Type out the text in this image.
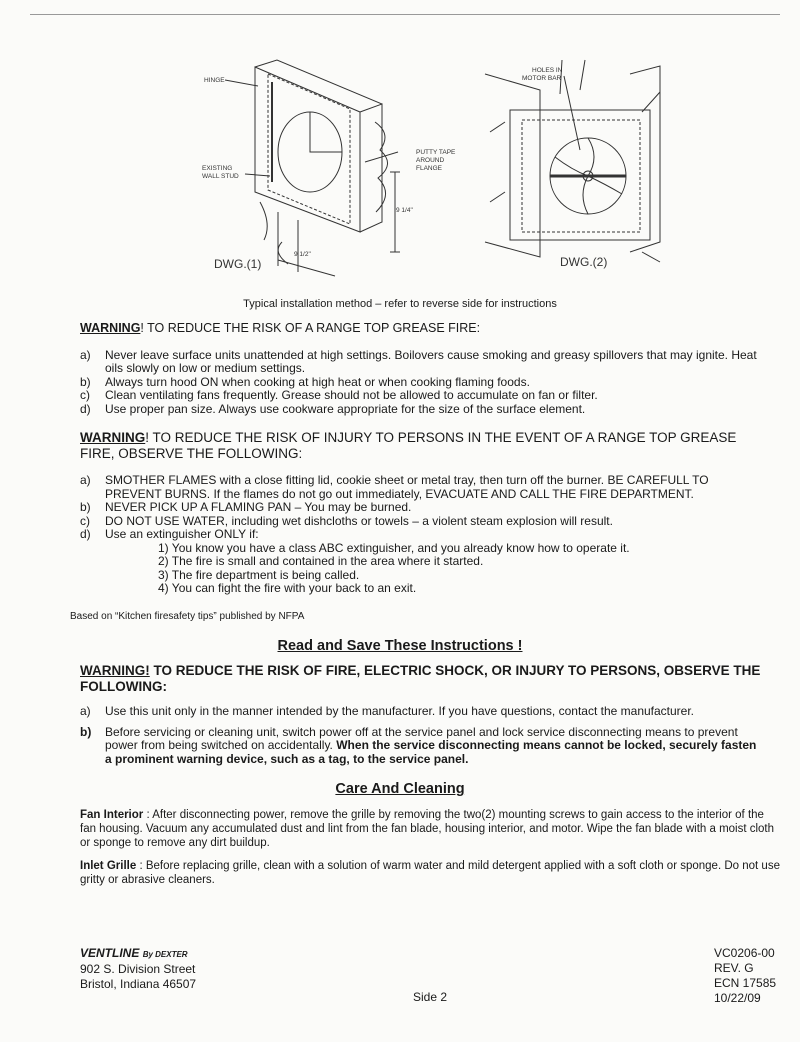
HINGE
EXISTING
WALL STUD
PUTTY TAPE
AROUND
FLANGE
9 1/4"
9 1/2"
DWG.(1)
HOLES IN
MOTOR BAR
DWG.(2)
Typical installation method – refer to reverse side for instructions
WARNING! TO REDUCE THE RISK OF A RANGE TOP GREASE FIRE:
a) Never leave surface units unattended at high settings. Boilovers cause smoking and greasy spillovers that may ignite. Heat oils slowly on low or medium settings.
b) Always turn hood ON when cooking at high heat or when cooking flaming foods.
c) Clean ventilating fans frequently. Grease should not be allowed to accumulate on fan or filter.
d) Use proper pan size. Always use cookware appropriate for the size of the surface element.
WARNING! TO REDUCE THE RISK OF INJURY TO PERSONS IN THE EVENT OF A RANGE TOP GREASE FIRE, OBSERVE THE FOLLOWING:
a) SMOTHER FLAMES with a close fitting lid, cookie sheet or metal tray, then turn off the burner. BE CAREFULL TO PREVENT BURNS. If the flames do not go out immediately, EVACUATE AND CALL THE FIRE DEPARTMENT.
b) NEVER PICK UP A FLAMING PAN – You may be burned.
c) DO NOT USE WATER, including wet dishcloths or towels – a violent steam explosion will result.
d) Use an extinguisher ONLY if:

1) You know you have a class ABC extinguisher, and you already know how to operate it.

2) The fire is small and contained in the area where it started.

3) The fire department is being called.

4) You can fight the fire with your back to an exit.

Based on “Kitchen firesafety tips” published by NFPA
Read and Save These Instructions !
WARNING! TO REDUCE THE RISK OF FIRE, ELECTRIC SHOCK, OR INJURY TO PERSONS, OBSERVE THE FOLLOWING:
a) Use this unit only in the manner intended by the manufacturer. If you have questions, contact the manufacturer.
b) Before servicing or cleaning unit, switch power off at the service panel and lock service disconnecting means to prevent power from being switched on accidentally. When the service disconnecting means cannot be locked, securely fasten a prominent warning device, such as a tag, to the service panel.
Care And Cleaning
Fan Interior : After disconnecting power, remove the grille by removing the two(2) mounting screws to gain access to the interior of the fan housing. Vacuum any accumulated dust and lint from the fan blade, housing interior, and motor. Wipe the fan blade with a moist cloth or sponge to remove any dirt buildup.
Inlet Grille : Before replacing grille, clean with a solution of warm water and mild detergent applied with a soft cloth or sponge. Do not use gritty or abrasive cleaners.
VENTLINE By DEXTER
902 S. Division Street
Bristol, Indiana 46507
Side 2
VC0206-00
REV. G
ECN 17585
10/22/09
